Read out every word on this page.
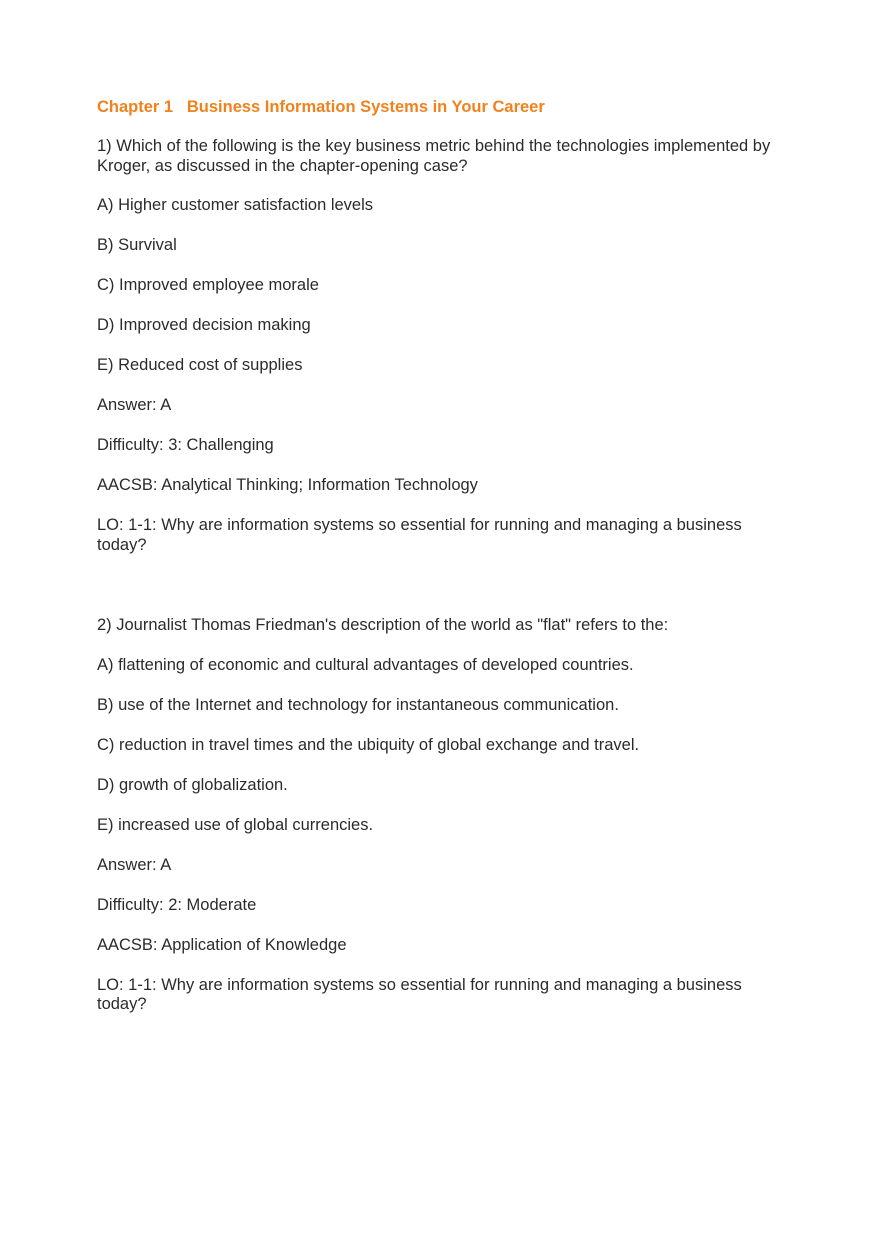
Chapter 1   Business Information Systems in Your Career
1) Which of the following is the key business metric behind the technologies implemented by Kroger, as discussed in the chapter-opening case?
A) Higher customer satisfaction levels
B) Survival
C) Improved employee morale
D) Improved decision making
E) Reduced cost of supplies
Answer: A
Difficulty: 3: Challenging
AACSB: Analytical Thinking; Information Technology
LO: 1-1: Why are information systems so essential for running and managing a business today?
2) Journalist Thomas Friedman's description of the world as "flat" refers to the:
A) flattening of economic and cultural advantages of developed countries.
B) use of the Internet and technology for instantaneous communication.
C) reduction in travel times and the ubiquity of global exchange and travel.
D) growth of globalization.
E) increased use of global currencies.
Answer: A
Difficulty: 2: Moderate
AACSB: Application of Knowledge
LO: 1-1: Why are information systems so essential for running and managing a business today?
